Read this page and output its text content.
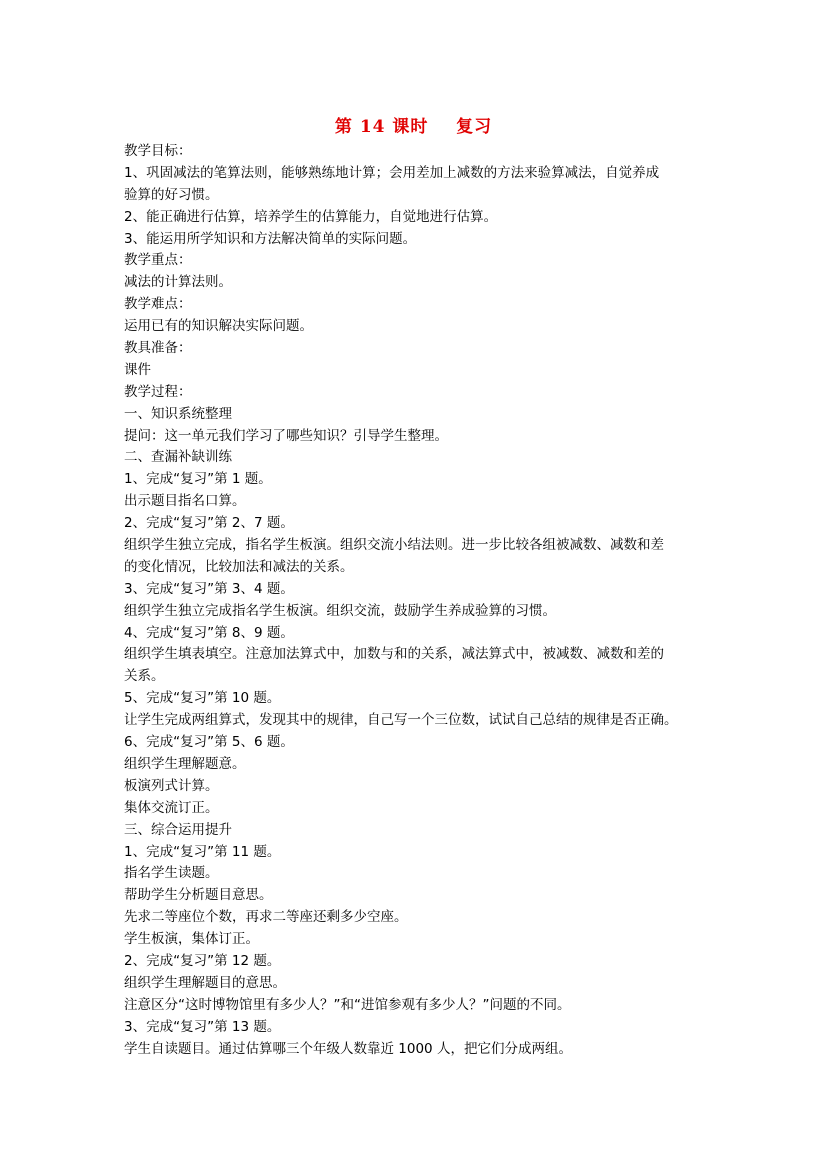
第 14 课时    复习
教学目标：
1、巩固减法的笔算法则，能够熟练地计算；会用差加上减数的方法来验算减法，自觉养成
验算的好习惯。
2、能正确进行估算，培养学生的估算能力，自觉地进行估算。
3、能运用所学知识和方法解决简单的实际问题。
教学重点：
减法的计算法则。
教学难点：
运用已有的知识解决实际问题。
教具准备：
课件
教学过程：
一、知识系统整理
提问：这一单元我们学习了哪些知识？引导学生整理。
二、查漏补缺训练
1、完成“复习”第 1 题。
出示题目指名口算。
2、完成“复习”第 2、7 题。
组织学生独立完成，指名学生板演。组织交流小结法则。进一步比较各组被减数、减数和差
的变化情况，比较加法和减法的关系。
3、完成“复习”第 3、4 题。
组织学生独立完成指名学生板演。组织交流，鼓励学生养成验算的习惯。
4、完成“复习”第 8、9 题。
组织学生填表填空。注意加法算式中，加数与和的关系，减法算式中，被减数、减数和差的
关系。
5、完成“复习”第 10 题。
让学生完成两组算式，发现其中的规律，自己写一个三位数，试试自己总结的规律是否正确。
6、完成“复习”第 5、6 题。
组织学生理解题意。
板演列式计算。
集体交流订正。
三、综合运用提升
1、完成“复习”第 11 题。
指名学生读题。
帮助学生分析题目意思。
先求二等座位个数，再求二等座还剩多少空座。
学生板演，集体订正。
2、完成“复习”第 12 题。
组织学生理解题目的意思。
注意区分“这时博物馆里有多少人？”和“进馆参观有多少人？”问题的不同。
3、完成“复习”第 13 题。
学生自读题目。通过估算哪三个年级人数靠近 1000 人，把它们分成两组。
